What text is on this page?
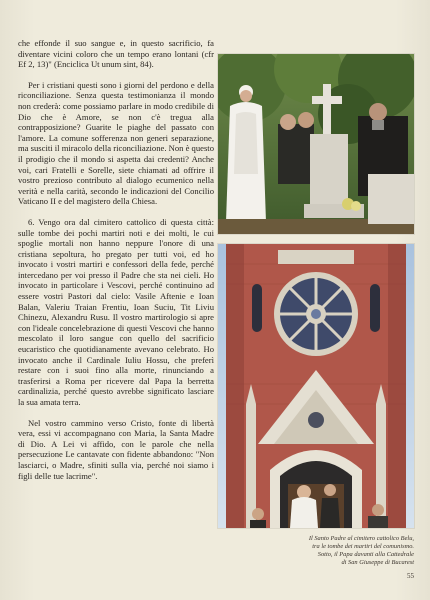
che effonde il suo sangue e, in questo sacrificio, fa diventare vicini coloro che un tempo erano lontani (cfr Ef 2, 13)" (Enciclica Ut unum sint, 84).

Per i cristiani questi sono i giorni del perdono e della riconciliazione. Senza questa testimonianza il mondo non crederà: come possiamo parlare in modo credibile di Dio che è Amore, se non c'è tregua alla contrapposizione? Guarite le piaghe del passato con l'amore. La comune sofferenza non generi separazione, ma susciti il miracolo della riconciliazione. Non è questo il prodigio che il mondo si aspetta dai credenti? Anche voi, cari Fratelli e Sorelle, siete chiamati ad offrire il vostro prezioso contributo al dialogo ecumenico nella verità e nella carità, secondo le indicazioni del Concilio Vaticano II e del magistero della Chiesa.

6. Vengo ora dal cimitero cattolico di questa città: sulle tombe dei pochi martiri noti e dei molti, le cui spoglie mortali non hanno neppure l'onore di una cristiana sepoltura, ho pregato per tutti voi, ed ho invocato i vostri martiri e confessori della fede, perché intercedano per voi presso il Padre che sta nei cieli. Ho invocato in particolare i Vescovi, perché continuino ad essere vostri Pastori dal cielo: Vasile Aftenie e Ioan Balan, Valeriu Traian Frentiu, Ioan Suciu, Tit Liviu Chinezu, Alexandru Rusu. Il vostro martirologio si apre con l'ideale concelebrazione di questi Vescovi che hanno mescolato il loro sangue con quello del sacrificio eucaristico che quotidianamente avevano celebrato. Ho invocato anche il Cardinale Iuliu Hossu, che preferì restare con i suoi fino alla morte, rinunciando a trasferirsi a Roma per ricevere dal Papa la berretta cardinalizia, perché questo avrebbe significato lasciare la sua amata terra.

Nel vostro cammino verso Cristo, fonte di libertà vera, essi vi accompagnano con Maria, la Santa Madre di Dio. A Lei vi affido, con le parole che nella persecuzione Le cantavate con fidente abbandono: "Non lasciarci, o Madre, sfiniti sulla via, perché noi siamo i figli delle tue lacrime".

Il Santo Padre al cimitero cattolico Belu,
tra le tombe dei martiri del comunismo.
Sotto, il Papa davanti alla Cattedrale
di San Giuseppe di Bucarest
55
